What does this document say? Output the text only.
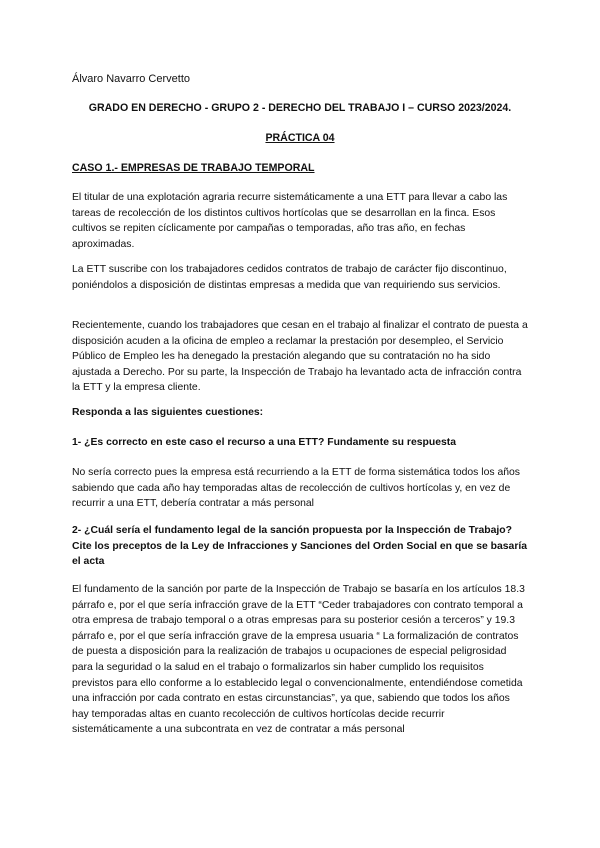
Álvaro Navarro Cervetto
GRADO EN DERECHO - GRUPO 2 - DERECHO DEL TRABAJO I – CURSO 2023/2024.
PRÁCTICA 04
CASO 1.- EMPRESAS DE TRABAJO TEMPORAL

El titular de una explotación agraria recurre sistemáticamente a una ETT para llevar a cabo las tareas de recolección de los distintos cultivos hortícolas que se desarrollan en la finca. Esos cultivos se repiten cíclicamente por campañas o temporadas, año tras año, en fechas aproximadas.

La ETT suscribe con los trabajadores cedidos contratos de trabajo de carácter fijo discontinuo, poniéndolos a disposición de distintas empresas a medida que van requiriendo sus servicios.

Recientemente, cuando los trabajadores que cesan en el trabajo al finalizar el contrato de puesta a disposición acuden a la oficina de empleo a reclamar la prestación por desempleo, el Servicio Público de Empleo les ha denegado la prestación alegando que su contratación no ha sido ajustada a Derecho. Por su parte, la Inspección de Trabajo ha levantado acta de infracción contra la ETT y la empresa cliente.

Responda a las siguientes cuestiones:

1- ¿Es correcto en este caso el recurso a una ETT? Fundamente su respuesta

No sería correcto pues la empresa está recurriendo a la ETT de forma sistemática todos los años sabiendo que cada año hay temporadas altas de recolección de cultivos hortícolas y, en vez de recurrir a una ETT, debería contratar a más personal

2- ¿Cuál sería el fundamento legal de la sanción propuesta por la Inspección de Trabajo? Cite los preceptos de la Ley de Infracciones y Sanciones del Orden Social en que se basaría el acta

El fundamento de la sanción por parte de la Inspección de Trabajo se basaría en los artículos 18.3 párrafo e, por el que sería infracción grave de la ETT “Ceder trabajadores con contrato temporal a otra empresa de trabajo temporal o a otras empresas para su posterior cesión a terceros” y 19.3 párrafo e, por el que sería infracción grave de la empresa usuaria “ La formalización de contratos de puesta a disposición para la realización de trabajos u ocupaciones de especial peligrosidad para la seguridad o la salud en el trabajo o formalizarlos sin haber cumplido los requisitos previstos para ello conforme a lo establecido legal o convencionalmente, entendiéndose cometida una infracción por cada contrato en estas circunstancias”, ya que, sabiendo que todos los años hay temporadas altas en cuanto recolección de cultivos hortícolas decide recurrir sistemáticamente a una subcontrata en vez de contratar a más personal
